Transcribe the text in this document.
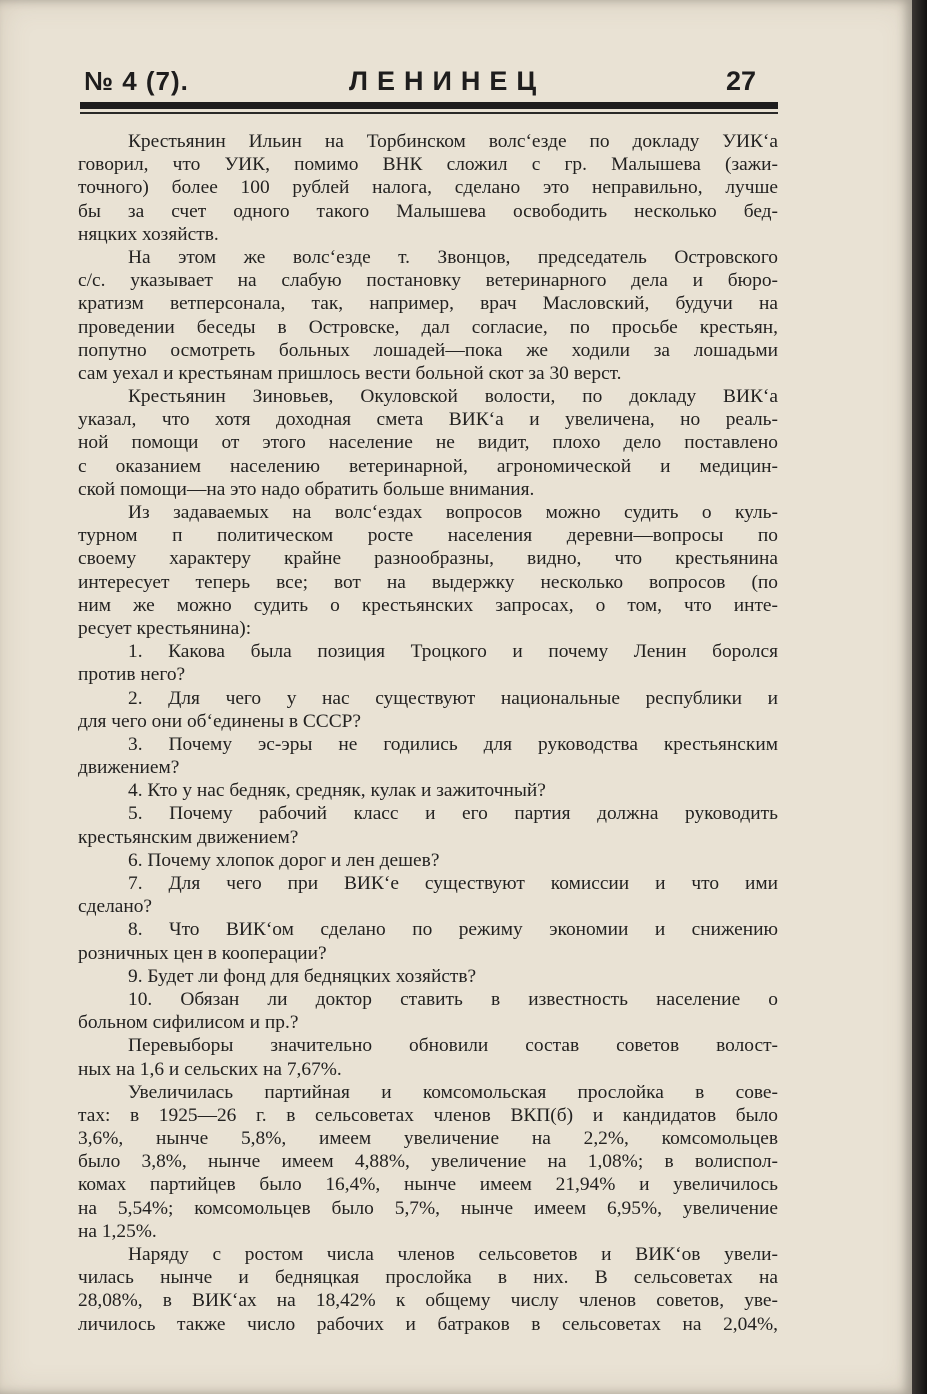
№ 4 (7).	ЛЕНИНЕЦ	27
Крестьянин Ильин на Торбинском волс‘езде по докладу УИК‘а
говорил, что УИК, помимо ВНК сложил с гр. Малышева (зажи-
точного) более 100 рублей налога, сделано это неправильно, лучше
бы за счет одного такого Малышева освободить несколько бед-
няцких хозяйств.
На этом же волс‘езде т. Звонцов, председатель Островского
с/с. указывает на слабую постановку ветеринарного дела и бюро-
кратизм ветперсонала, так, например, врач Масловский, будучи на
проведении беседы в Островске, дал согласие, по просьбе крестьян,
попутно осмотреть больных лошадей—пока же ходили за лошадьми
сам уехал и крестьянам пришлось вести больной скот за 30 верст.
Крестьянин Зиновьев, Окуловской волости, по докладу ВИК‘а
указал, что хотя доходная смета ВИК‘а и увеличена, но реаль-
ной помощи от этого население не видит, плохо дело поставлено
с оказанием населению ветеринарной, агрономической и медицин-
ской помощи—на это надо обратить больше внимания.
Из задаваемых на волс‘ездах вопросов можно судить о куль-
турном п политическом росте населения деревни—вопросы по
своему характеру крайне разнообразны, видно, что крестьянина
интересует теперь все; вот на выдержку несколько вопросов (по
ним же можно судить о крестьянских запросах, о том, что инте-
ресует крестьянина):
1. Какова была позиция Троцкого и почему Ленин боролся
против него?
2. Для чего у нас существуют национальные республики и
для чего они об‘единены в СССР?
3. Почему эс-эры не годились для руководства крестьянским
движением?
4. Кто у нас бедняк, средняк, кулак и зажиточный?
5. Почему рабочий класс и его партия должна руководить
крестьянским движением?
6. Почему хлопок дорог и лен дешев?
7. Для чего при ВИК‘е существуют комиссии и что ими
сделано?
8. Что ВИК‘ом сделано по режиму экономии и снижению
розничных цен в кооперации?
9. Будет ли фонд для бедняцких хозяйств?
10. Обязан ли доктор ставить в известность население о
больном сифилисом и пр.?
Перевыборы значительно обновили состав советов волост-
ных на 1,6 и сельских на 7,67%.
Увеличилась партийная и комсомольская прослойка в сове-
тах: в 1925—26 г. в сельсоветах членов ВКП(б) и кандидатов было
3,6%, нынче 5,8%, имеем увеличение на 2,2%, комсомольцев
было 3,8%, нынче имеем 4,88%, увеличение на 1,08%; в волиспол-
комах партийцев было 16,4%, нынче имеем 21,94% и увеличилось
на 5,54%; комсомольцев было 5,7%, нынче имеем 6,95%, увеличение
на 1,25%.
Наряду с ростом числа членов сельсоветов и ВИК‘ов увели-
чилась нынче и бедняцкая прослойка в них. В сельсоветах на
28,08%, в ВИК‘ах на 18,42% к общему числу членов советов, уве-
личилось также число рабочих и батраков в сельсоветах на 2,04%,
